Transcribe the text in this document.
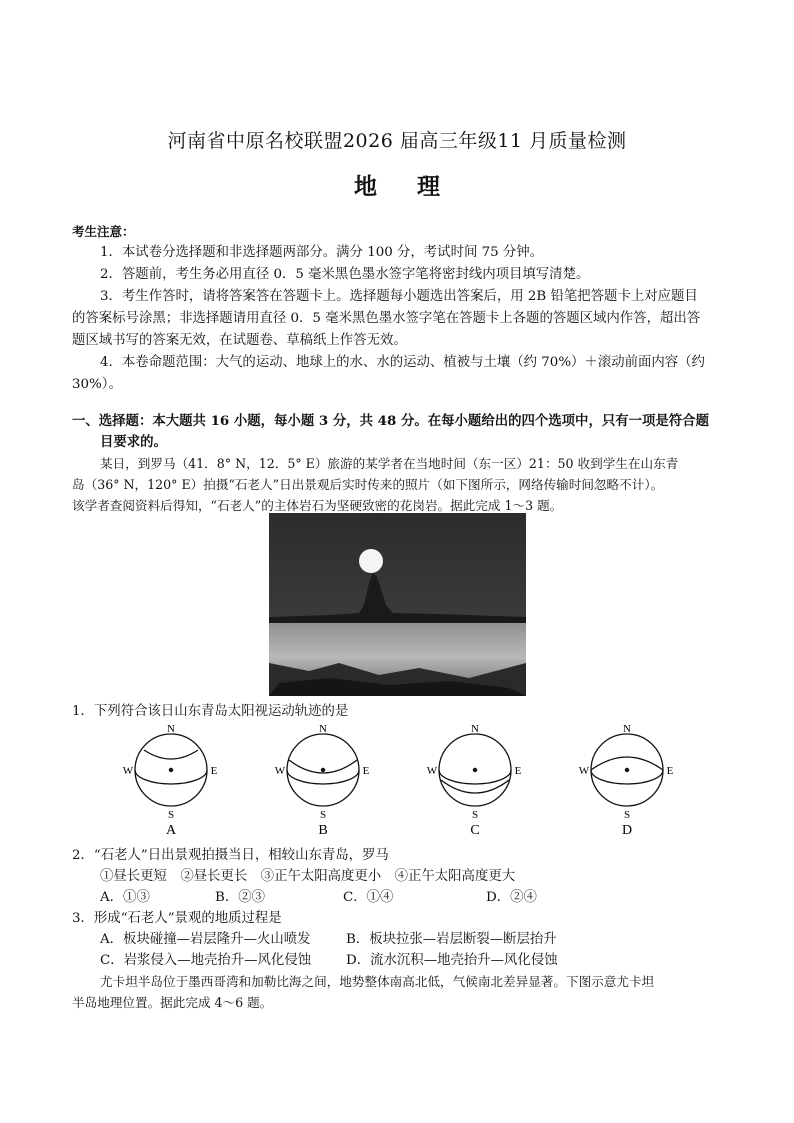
河南省中原名校联盟2026 届高三年级11 月质量检测
地理
考生注意：
1．本试卷分选择题和非选择题两部分。满分 100 分，考试时间 75 分钟。
2．答题前，考生务必用直径 0．5 毫米黑色墨水签字笔将密封线内项目填写清楚。
3．考生作答时，请将答案答在答题卡上。选择题每小题选出答案后，用 2B 铅笔把答题卡上对应题目
的答案标号涂黑；非选择题请用直径 0．5 毫米黑色墨水签字笔在答题卡上各题的答题区域内作答，超出答
题区域书写的答案无效，在试题卷、草稿纸上作答无效。
4．本卷命题范围：大气的运动、地球上的水、水的运动、植被与土壤（约 70%）＋滚动前面内容（约
30%）。
一、选择题：本大题共 16 小题，每小题 3 分，共 48 分。在每小题给出的四个选项中，只有一项是符合题
目要求的。
某日，到罗马（41．8° N，12．5° E）旅游的某学者在当地时间（东一区）21：50 收到学生在山东青
岛（36° N，120° E）拍摄“石老人”日出景观后实时传来的照片（如下图所示，网络传输时间忽略不计）。
该学者查阅资料后得知，“石老人”的主体岩石为坚硬致密的花岗岩。据此完成 1～3 题。
1．下列符合该日山东青岛太阳视运动轨迹的是
N
S
W	E
A
N
S
W	E
B
N
S
W	E
C
N
S
W	E
D
2．“石老人”日出景观拍摄当日，相较山东青岛，罗马
①昼长更短　②昼长更长　③正午太阳高度更小　④正午太阳高度更大
A．①③	B．②③	C．①④	D．②④
3．形成“石老人”景观的地质过程是
A．板块碰撞—岩层隆升—火山喷发	B．板块拉张—岩层断裂—断层抬升
C．岩浆侵入—地壳抬升—风化侵蚀	D．流水沉积—地壳抬升—风化侵蚀
尤卡坦半岛位于墨西哥湾和加勒比海之间，地势整体南高北低，气候南北差异显著。下图示意尤卡坦
半岛地理位置。据此完成 4～6 题。
